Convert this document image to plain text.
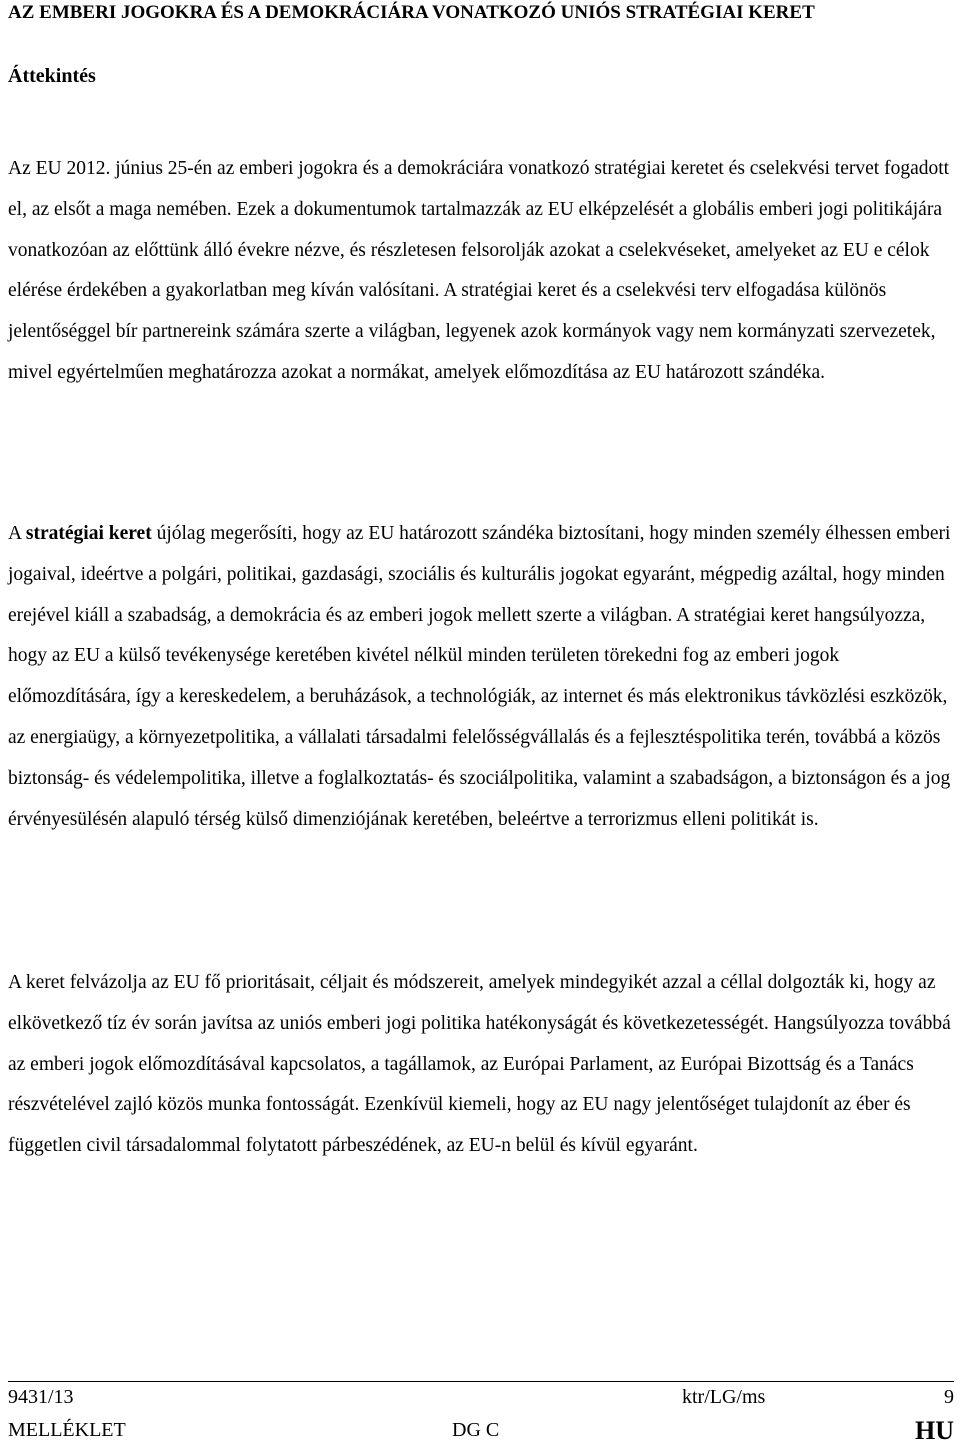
AZ EMBERI JOGOKRA ÉS A DEMOKRÁCIÁRA VONATKOZÓ UNIÓS STRATÉGIAI KERET
Áttekintés

Az EU 2012. június 25-én az emberi jogokra és a demokráciára vonatkozó stratégiai keretet és cselekvési tervet fogadott el, az elsőt a maga nemében. Ezek a dokumentumok tartalmazzák az EU elképzelését a globális emberi jogi politikájára vonatkozóan az előttünk álló évekre nézve, és részletesen felsorolják azokat a cselekvéseket, amelyeket az EU e célok elérése érdekében a gyakorlatban meg kíván valósítani. A stratégiai keret és a cselekvési terv elfogadása különös jelentőséggel bír partnereink számára szerte a világban, legyenek azok kormányok vagy nem kormányzati szervezetek, mivel egyértelműen meghatározza azokat a normákat, amelyek előmozdítása az EU határozott szándéka.

A stratégiai keret újólag megerősíti, hogy az EU határozott szándéka biztosítani, hogy minden személy élhessen emberi jogaival, ideértve a polgári, politikai, gazdasági, szociális és kulturális jogokat egyaránt, mégpedig azáltal, hogy minden erejével kiáll a szabadság, a demokrácia és az emberi jogok mellett szerte a világban. A stratégiai keret hangsúlyozza, hogy az EU a külső tevékenysége keretében kivétel nélkül minden területen törekedni fog az emberi jogok előmozdítására, így a kereskedelem, a beruházások, a technológiák, az internet és más elektronikus távközlési eszközök, az energiaügy, a környezetpolitika, a vállalati társadalmi felelősségvállalás és a fejlesztéspolitika terén, továbbá a közös biztonság- és védelempolitika, illetve a foglalkoztatás- és szociálpolitika, valamint a szabadságon, a biztonságon és a jog érvényesülésén alapuló térség külső dimenziójának keretében, beleértve a terrorizmus elleni politikát is.

A keret felvázolja az EU fő prioritásait, céljait és módszereit, amelyek mindegyikét azzal a céllal dolgozták ki, hogy az elkövetkező tíz év során javítsa az uniós emberi jogi politika hatékonyságát és következetességét. Hangsúlyozza továbbá az emberi jogok előmozdításával kapcsolatos, a tagállamok, az Európai Parlament, az Európai Bizottság és a Tanács részvételével zajló közös munka fontosságát. Ezenkívül kiemeli, hogy az EU nagy jelentőséget tulajdonít az éber és független civil társadalommal folytatott párbeszédének, az EU-n belül és kívül egyaránt.

9431/13	ktr/LG/ms	9
MELLÉKLET	DG C	HU
